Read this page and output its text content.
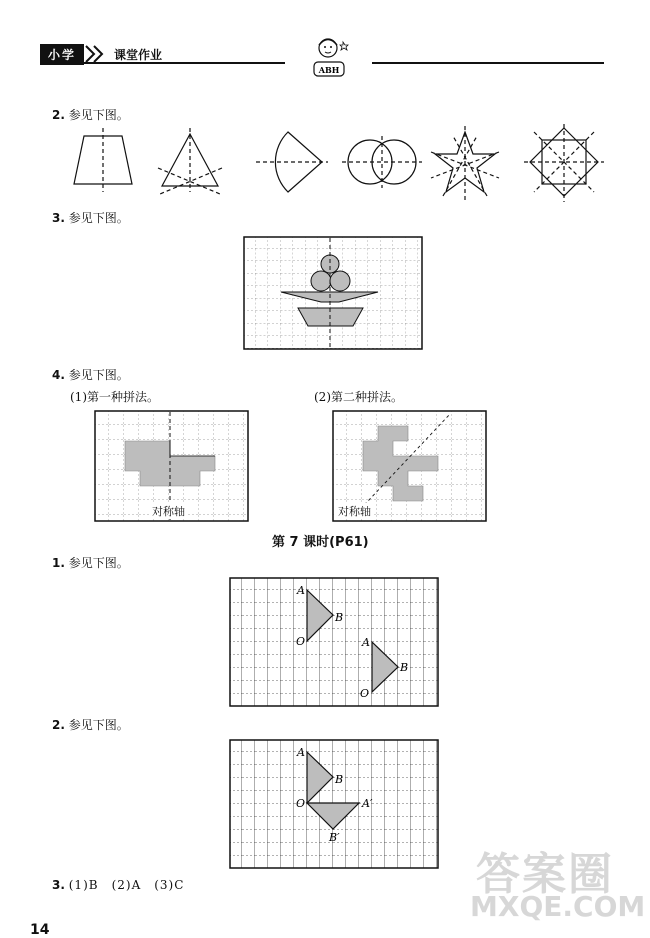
小学	课堂作业
ABH
2. 参见下图。
3. 参见下图。
4. 参见下图。
(1)第一种拼法。	(2)第二种拼法。
对称轴	对称轴
第 7 课时(P61)
1. 参见下图。
A
B
O	A
B
O
2. 参见下图。
A
B
O	A′
B′
3. (1)B　(2)A　(3)C
14
答案圈
MXQE.COM
